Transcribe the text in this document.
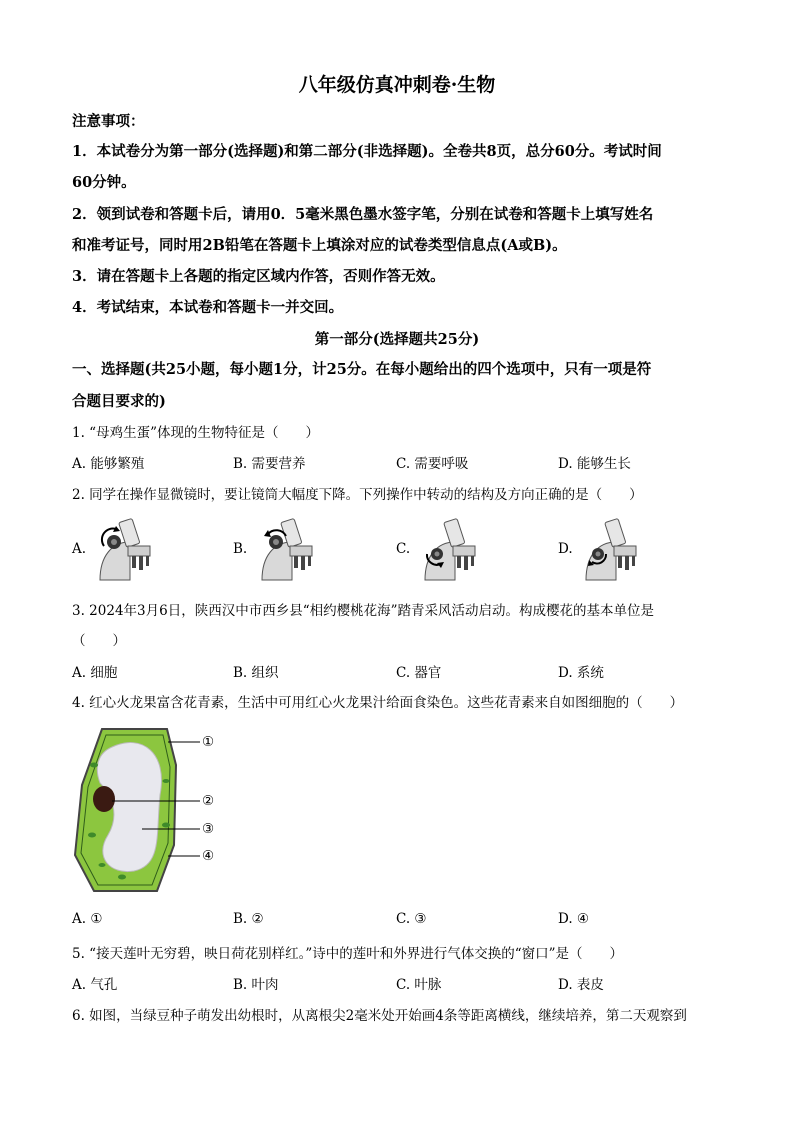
八年级仿真冲刺卷·生物
注意事项：
1．本试卷分为第一部分(选择题)和第二部分(非选择题)。全卷共8页，总分60分。考试时间
60分钟。
2．领到试卷和答题卡后，请用0．5毫米黑色墨水签字笔，分别在试卷和答题卡上填写姓名
和准考证号，同时用2B铅笔在答题卡上填涂对应的试卷类型信息点(A或B)。
3．请在答题卡上各题的指定区域内作答，否则作答无效。
4．考试结束，本试卷和答题卡一并交回。
第一部分(选择题共25分)
一、选择题(共25小题，每小题1分，计25分。在每小题给出的四个选项中，只有一项是符
合题目要求的)
1. “母鸡生蛋”体现的生物特征是（　　）
A. 能够繁殖	B. 需要营养	C. 需要呼吸	D. 能够生长
2. 同学在操作显微镜时，要让镜筒大幅度下降。下列操作中转动的结构及方向正确的是（　　）
A.	B.	C.	D.
3. 2024年3月6日，陕西汉中市西乡县“相约樱桃花海”踏青采风活动启动。构成樱花的基本单位是
（　　）
A. 细胞	B. 组织	C. 器官	D. 系统
4. 红心火龙果富含花青素，生活中可用红心火龙果汁给面食染色。这些花青素来自如图细胞的（　　）
①
②
③
④
A. ①	B. ②	C. ③	D. ④
5. “接天莲叶无穷碧，映日荷花别样红。”诗中的莲叶和外界进行气体交换的“窗口”是（　　）
A. 气孔	B. 叶肉	C. 叶脉	D. 表皮
6. 如图，当绿豆种子萌发出幼根时，从离根尖2毫米处开始画4条等距离横线，继续培养，第二天观察到
